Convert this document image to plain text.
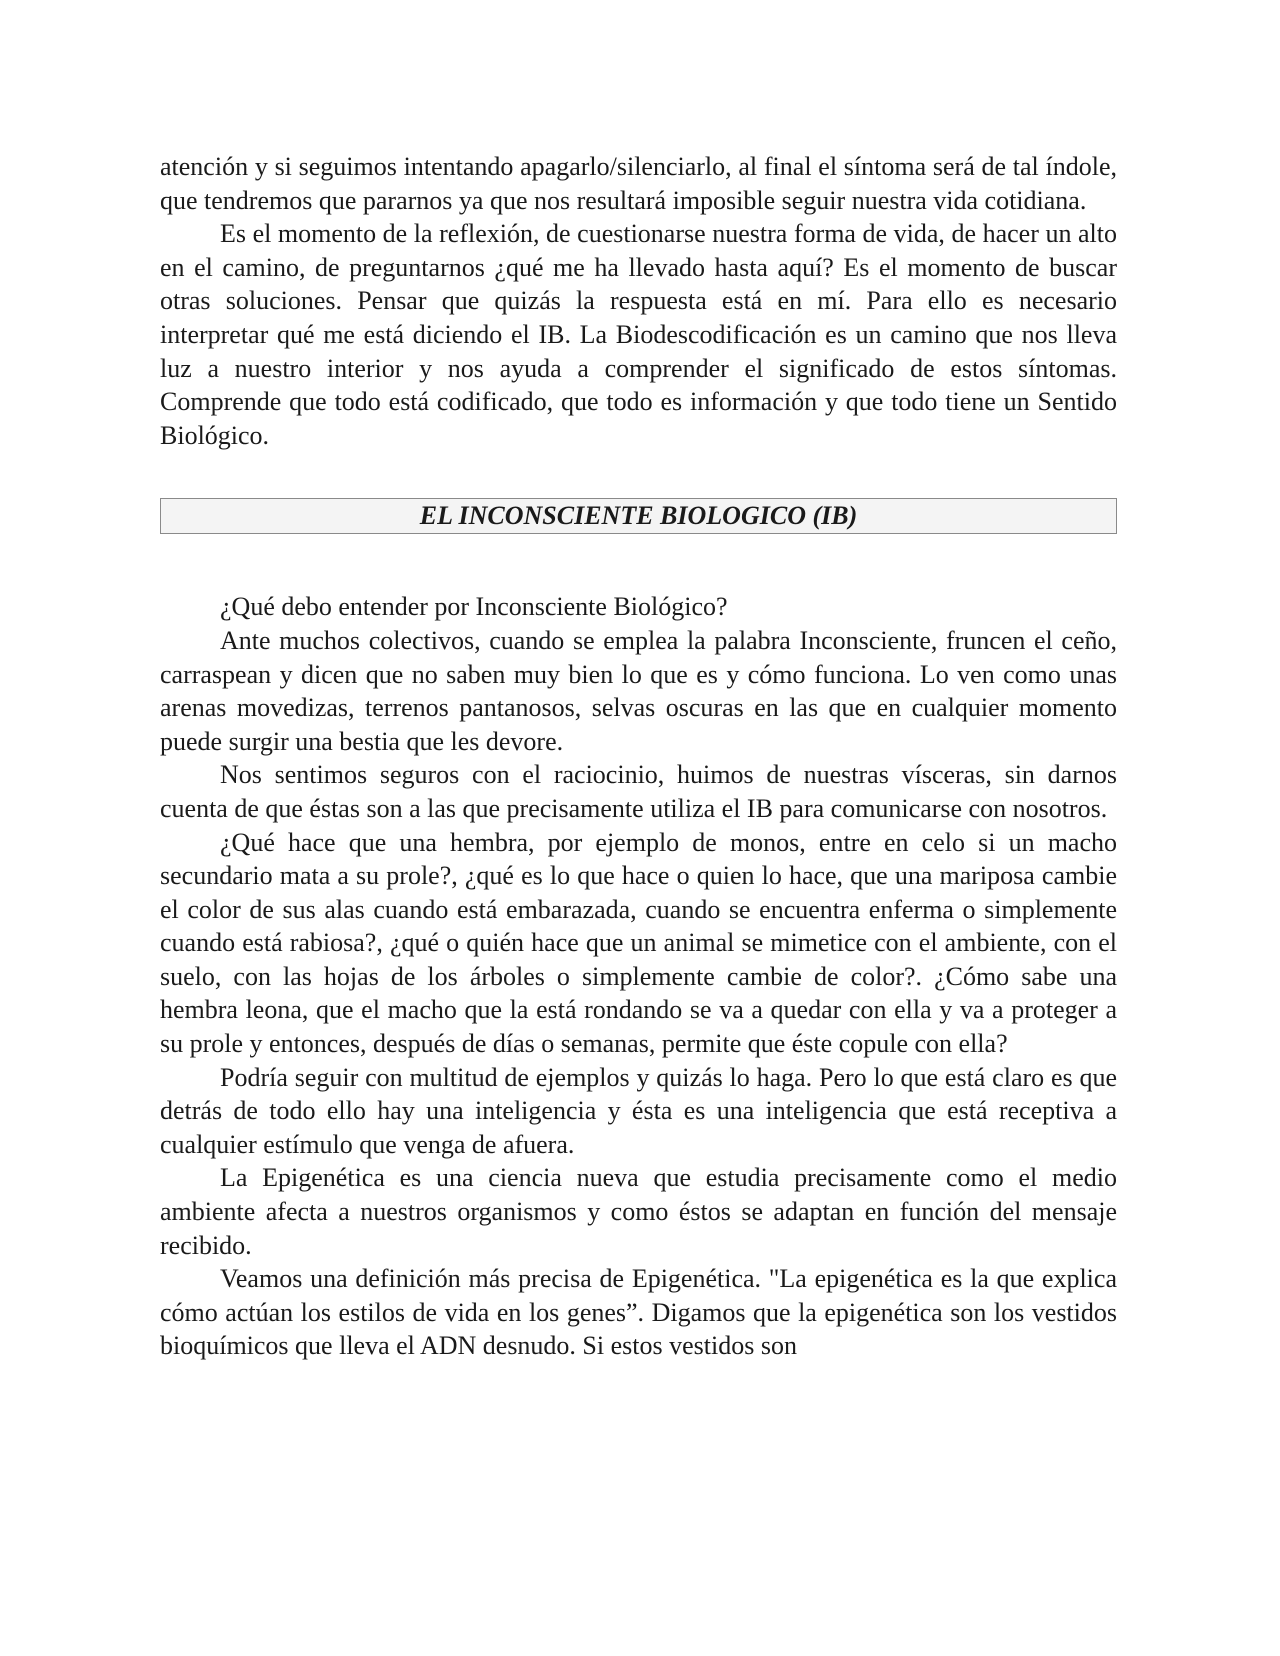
atención y si seguimos intentando apagarlo/silenciarlo, al final el síntoma será de tal índole, que tendremos que pararnos ya que nos resultará imposible seguir nuestra vida cotidiana.

Es el momento de la reflexión, de cuestionarse nuestra forma de vida, de hacer un alto en el camino, de preguntarnos ¿qué me ha llevado hasta aquí? Es el momento de buscar otras soluciones. Pensar que quizás la respuesta está en mí. Para ello es necesario interpretar qué me está diciendo el IB. La Biodescodificación es un camino que nos lleva luz a nuestro interior y nos ayuda a comprender el significado de estos síntomas. Comprende que todo está codificado, que todo es información y que todo tiene un Sentido Biológico.

EL INCONSCIENTE BIOLOGICO (IB)

¿Qué debo entender por Inconsciente Biológico?

Ante muchos colectivos, cuando se emplea la palabra Inconsciente, fruncen el ceño, carraspean y dicen que no saben muy bien lo que es y cómo funciona. Lo ven como unas arenas movedizas, terrenos pantanosos, selvas oscuras en las que en cualquier momento puede surgir una bestia que les devore.

Nos sentimos seguros con el raciocinio, huimos de nuestras vísceras, sin darnos cuenta de que éstas son a las que precisamente utiliza el IB para comunicarse con nosotros.

¿Qué hace que una hembra, por ejemplo de monos, entre en celo si un macho secundario mata a su prole?, ¿qué es lo que hace o quien lo hace, que una mariposa cambie el color de sus alas cuando está embarazada, cuando se encuentra enferma o simplemente cuando está rabiosa?, ¿qué o quién hace que un animal se mimetice con el ambiente, con el suelo, con las hojas de los árboles o simplemente cambie de color?. ¿Cómo sabe una hembra leona, que el macho que la está rondando se va a quedar con ella y va a proteger a su prole y entonces, después de días o semanas, permite que éste copule con ella?

Podría seguir con multitud de ejemplos y quizás lo haga. Pero lo que está claro es que detrás de todo ello hay una inteligencia y ésta es una inteligencia que está receptiva a cualquier estímulo que venga de afuera.

La Epigenética es una ciencia nueva que estudia precisamente como el medio ambiente afecta a nuestros organismos y como éstos se adaptan en función del mensaje recibido.

Veamos una definición más precisa de Epigenética. "La epigenética es la que explica cómo actúan los estilos de vida en los genes”. Digamos que la epigenética son los vestidos bioquímicos que lleva el ADN desnudo. Si estos vestidos son
